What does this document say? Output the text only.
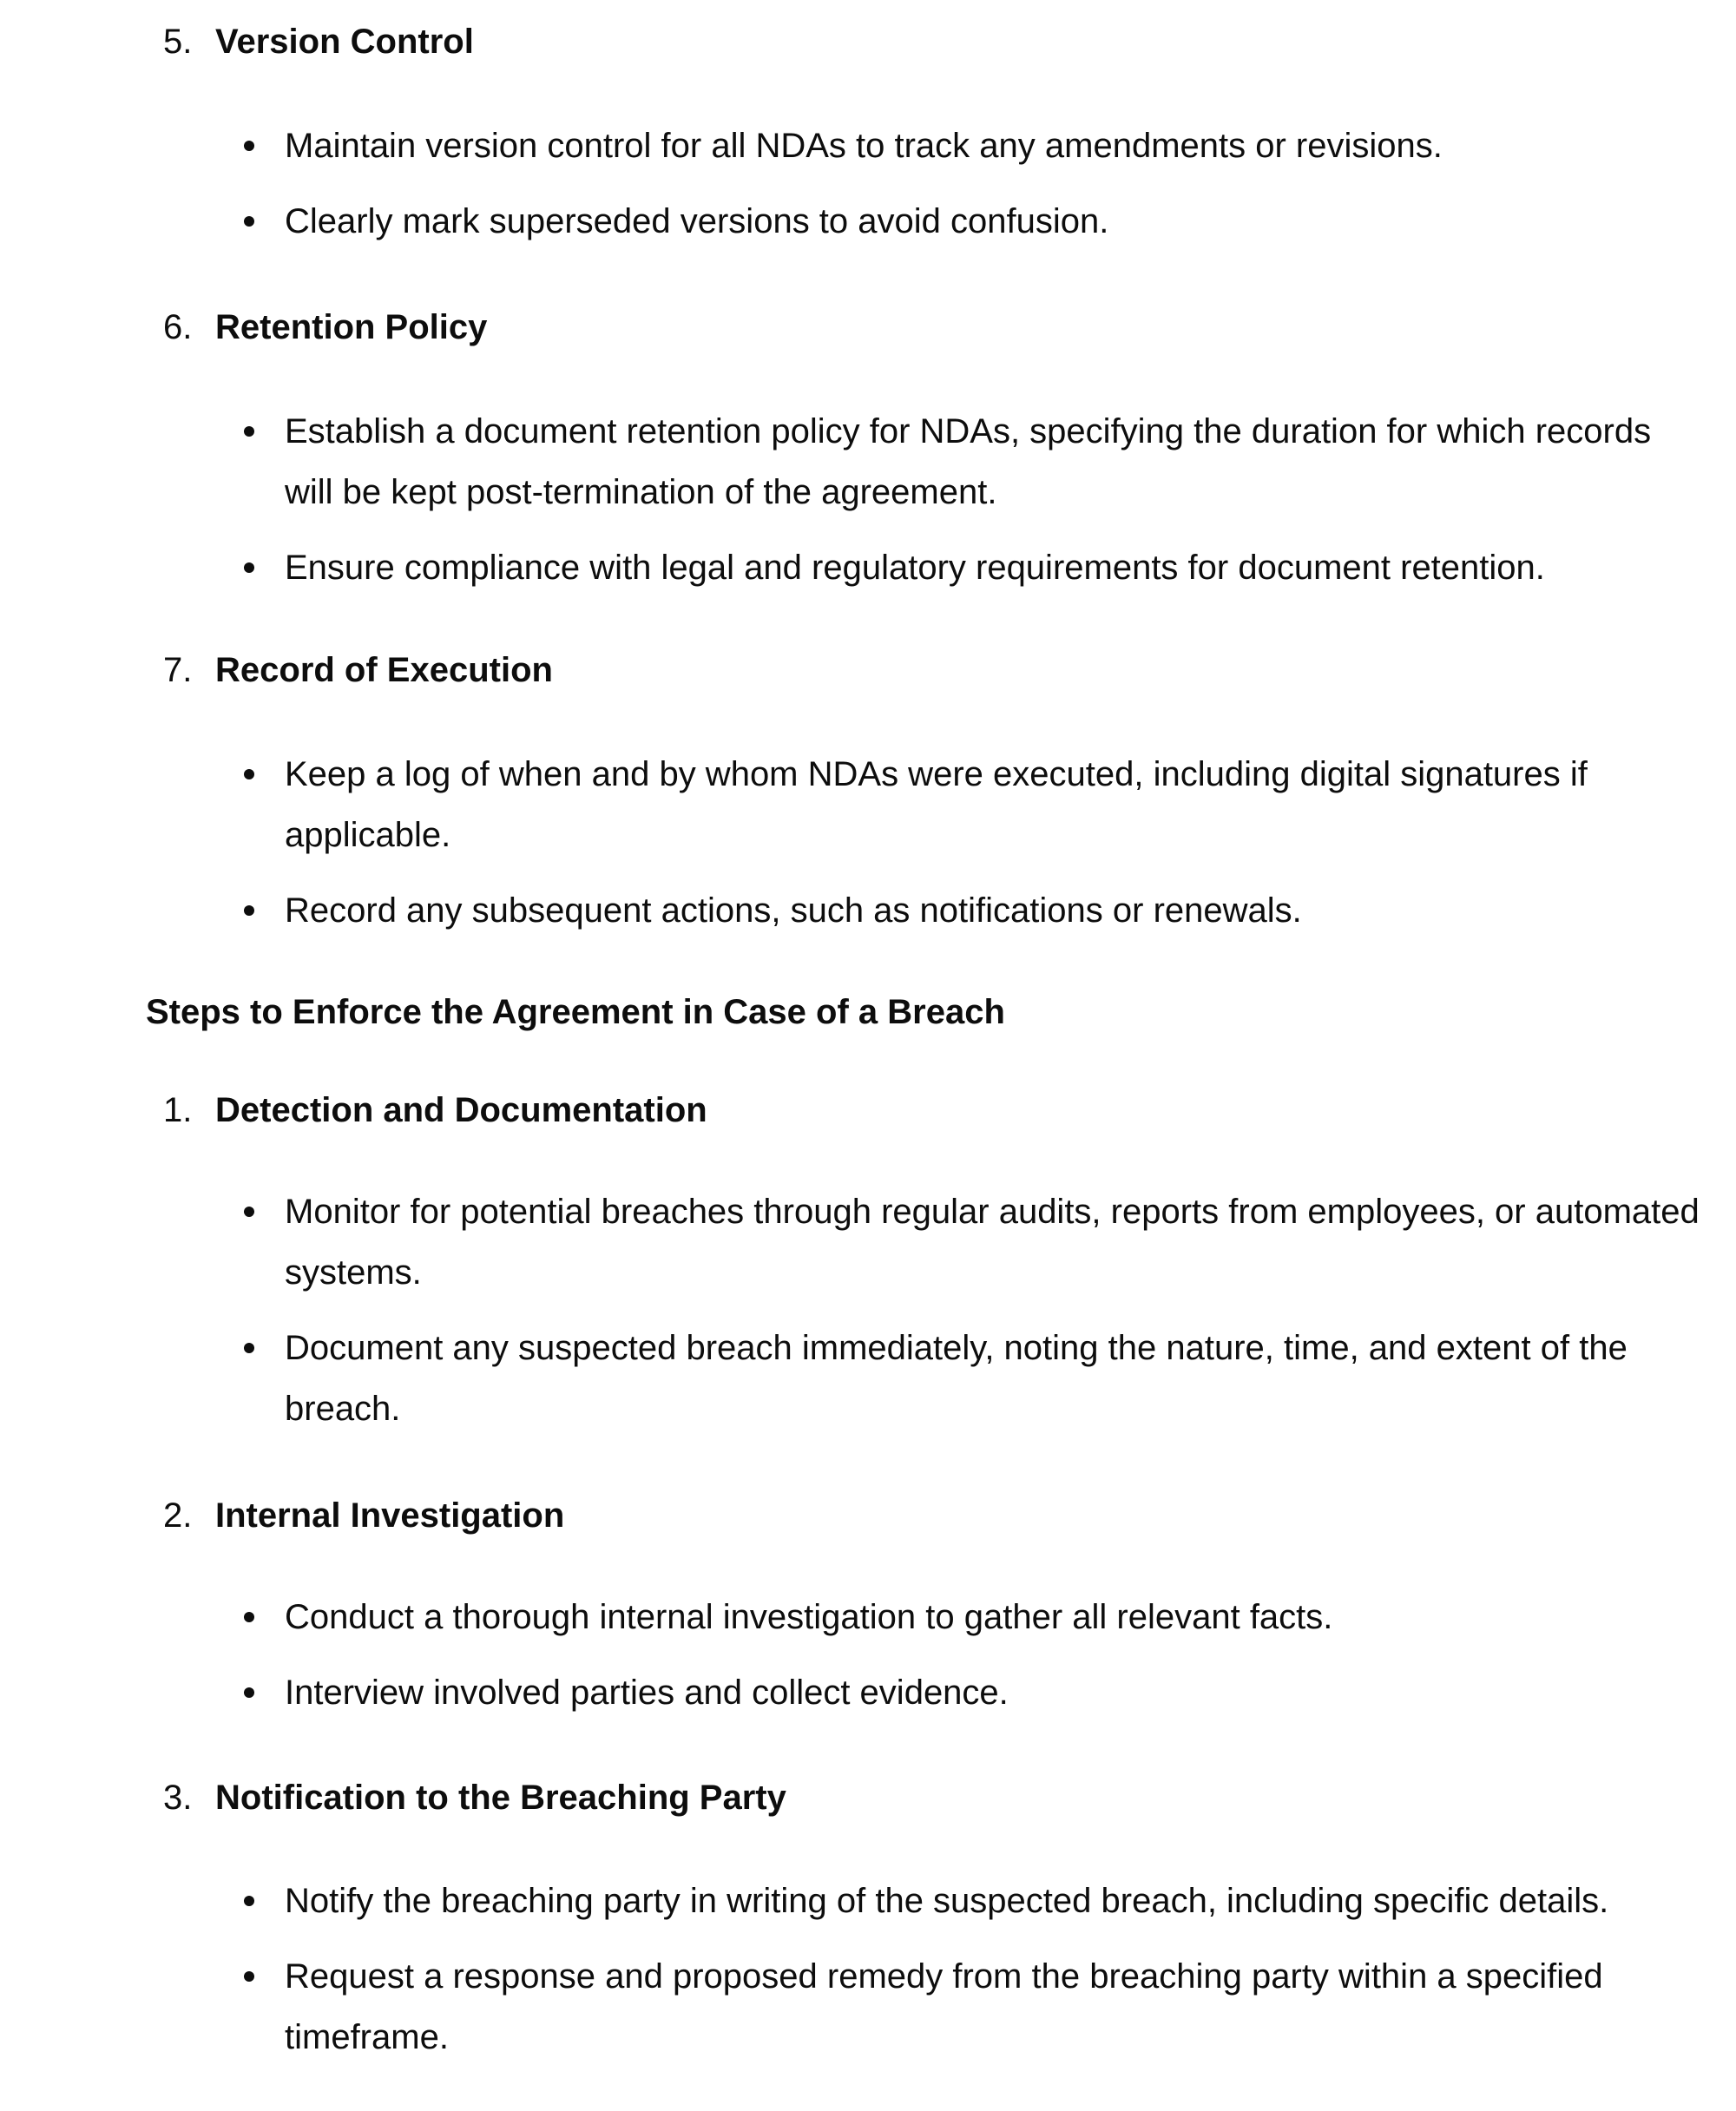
5. Version Control
Maintain version control for all NDAs to track any amendments or revisions.
Clearly mark superseded versions to avoid confusion.
6. Retention Policy
Establish a document retention policy for NDAs, specifying the duration for which records will be kept post-termination of the agreement.
Ensure compliance with legal and regulatory requirements for document retention.
7. Record of Execution
Keep a log of when and by whom NDAs were executed, including digital signatures if applicable.
Record any subsequent actions, such as notifications or renewals.
Steps to Enforce the Agreement in Case of a Breach
1. Detection and Documentation
Monitor for potential breaches through regular audits, reports from employees, or automated systems.
Document any suspected breach immediately, noting the nature, time, and extent of the breach.
2. Internal Investigation
Conduct a thorough internal investigation to gather all relevant facts.
Interview involved parties and collect evidence.
3. Notification to the Breaching Party
Notify the breaching party in writing of the suspected breach, including specific details.
Request a response and proposed remedy from the breaching party within a specified timeframe.
